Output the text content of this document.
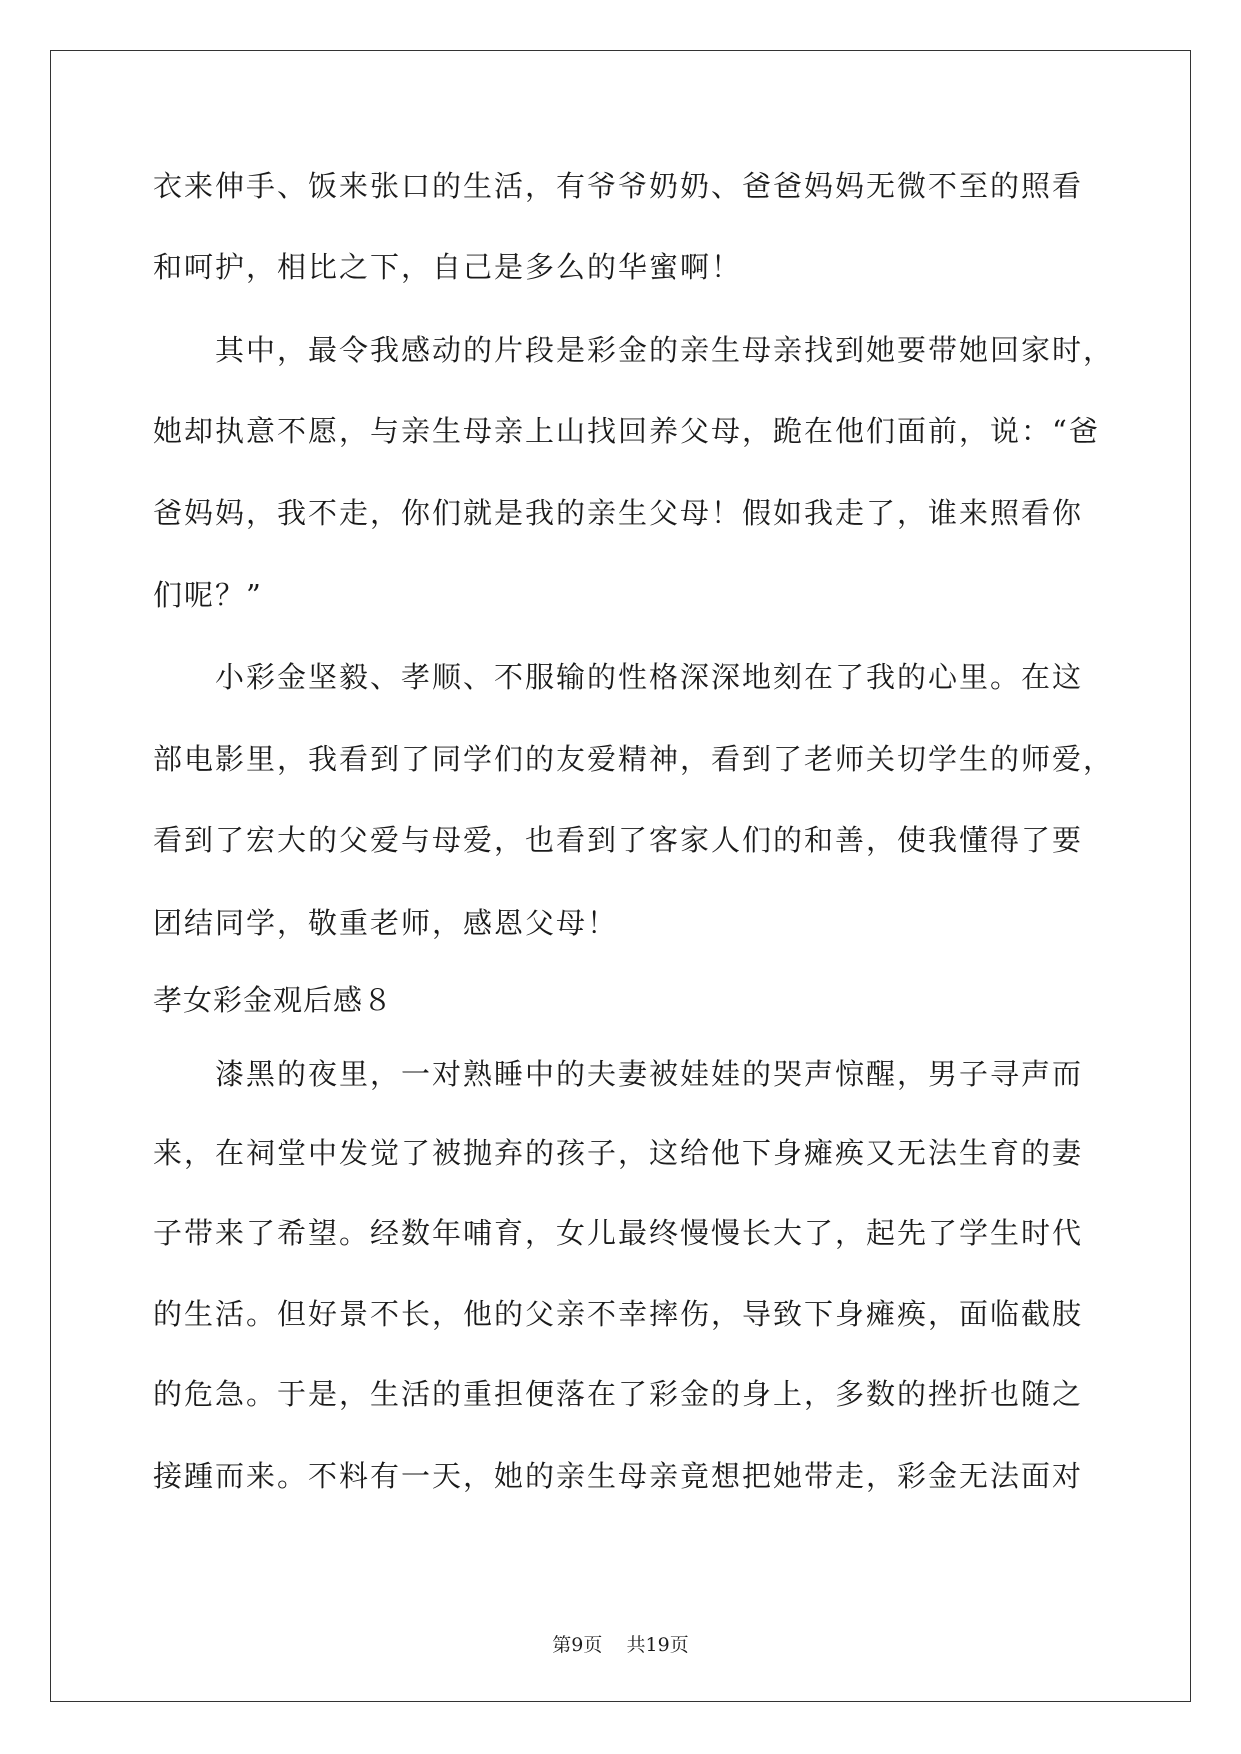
衣来伸手、饭来张口的生活，有爷爷奶奶、爸爸妈妈无微不至的照看
和呵护，相比之下，自己是多么的华蜜啊！
　　其中，最令我感动的片段是彩金的亲生母亲找到她要带她回家时，
她却执意不愿，与亲生母亲上山找回养父母，跪在他们面前，说：“爸
爸妈妈，我不走，你们就是我的亲生父母！假如我走了，谁来照看你
们呢？”
　　小彩金坚毅、孝顺、不服输的性格深深地刻在了我的心里。在这
部电影里，我看到了同学们的友爱精神，看到了老师关切学生的师爱，
看到了宏大的父爱与母爱，也看到了客家人们的和善，使我懂得了要
团结同学，敬重老师，感恩父母！
孝女彩金观后感８
　　漆黑的夜里，一对熟睡中的夫妻被娃娃的哭声惊醒，男子寻声而
来，在祠堂中发觉了被抛弃的孩子，这给他下身瘫痪又无法生育的妻
子带来了希望。经数年哺育，女儿最终慢慢长大了，起先了学生时代
的生活。但好景不长，他的父亲不幸摔伤，导致下身瘫痪，面临截肢
的危急。于是，生活的重担便落在了彩金的身上，多数的挫折也随之
接踵而来。不料有一天，她的亲生母亲竟想把她带走，彩金无法面对
第9页 共19页
